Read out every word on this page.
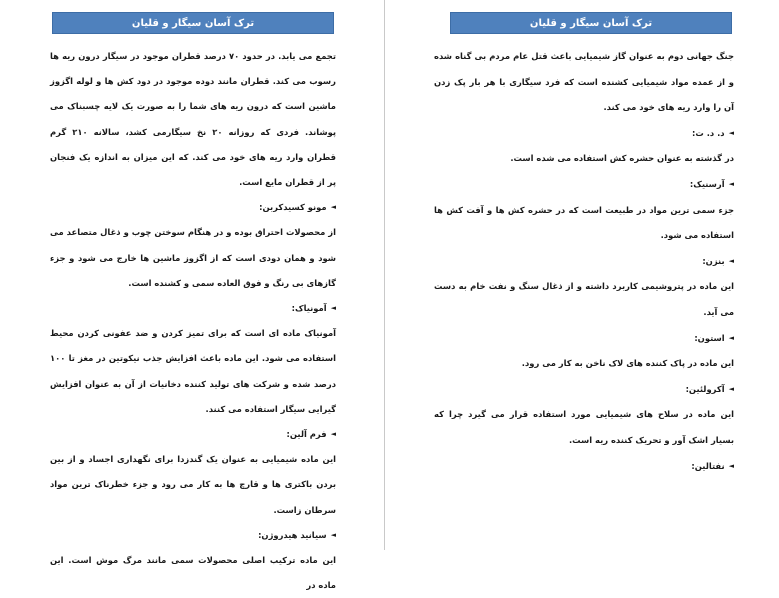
ترک آسان سیگار و قلیان

تجمع می یابد. در حدود ۷۰ درصد قطران موجود در سیگار درون ریه ها رسوب می کند. قطران مانند دوده موجود در دود کش ها و لوله اگزوز ماشین است که درون ریه های شما را به صورت یک لایه چسبناک می پوشاند. فردی که روزانه ۲۰ نخ سیگارمی کشد، سالانه ۲۱۰ گرم قطران وارد ریه های خود می کند. که این میزان به اندازه یک فنجان پر از قطران مایع است.

◄مونو کسیدکربن:

از محصولات احتراق بوده و در هنگام سوختن چوب و ذغال متصاعد می شود و همان دودی است که از اگزوز ماشین ها خارج می شود و جزء گازهای بی رنگ و فوق العاده سمی و کشنده است.

◄آمونیاک:

آمونیاک ماده ای است که برای تمیز کردن و ضد عفونی کردن محیط استفاده می شود. این ماده باعث افزایش جذب نیکوتین در مغز تا ۱۰۰ درصد شده و شرکت های تولید کننده دخانیات از آن به عنوان افزایش گیرایی سیگار استفاده می کنند.

◄فرم آلین:

این ماده شیمیایی به عنوان یک گندزدا برای نگهداری اجساد و از بین بردن باکتری ها و قارچ ها به کار می رود و جزء خطرناک ترین مواد سرطان زاست.

◄سیانید هیدروژن:

این ماده ترکیب اصلی محصولات سمی مانند مرگ موش است. این ماده در

ترک آسان سیگار و قلیان

جنگ جهانی دوم به عنوان گاز شیمیایی باعث قتل عام مردم بی گناه شده و از عمده مواد شیمیایی کشنده است که فرد سیگاری با هر بار پک زدن آن را وارد ریه های خود می کند.

◄د. د. ت:

در گذشته به عنوان حشره کش استفاده می شده است.

◄آرسنیک:

جزء سمی ترین مواد در طبیعت است که در حشره کش ها و آفت کش ها استفاده می شود.

◄بنزن:

این ماده در پتروشیمی کاربرد داشته و از ذغال سنگ و نفت خام به دست می آید.

◄استون:

این ماده در پاک کننده های لاک ناخن به کار می رود.

◄آکرولئین:

این ماده در سلاح های شیمیایی مورد استفاده قرار می گیرد چرا که بسیار اشک آور و تحریک کننده ریه است.

◄نفتالین:
